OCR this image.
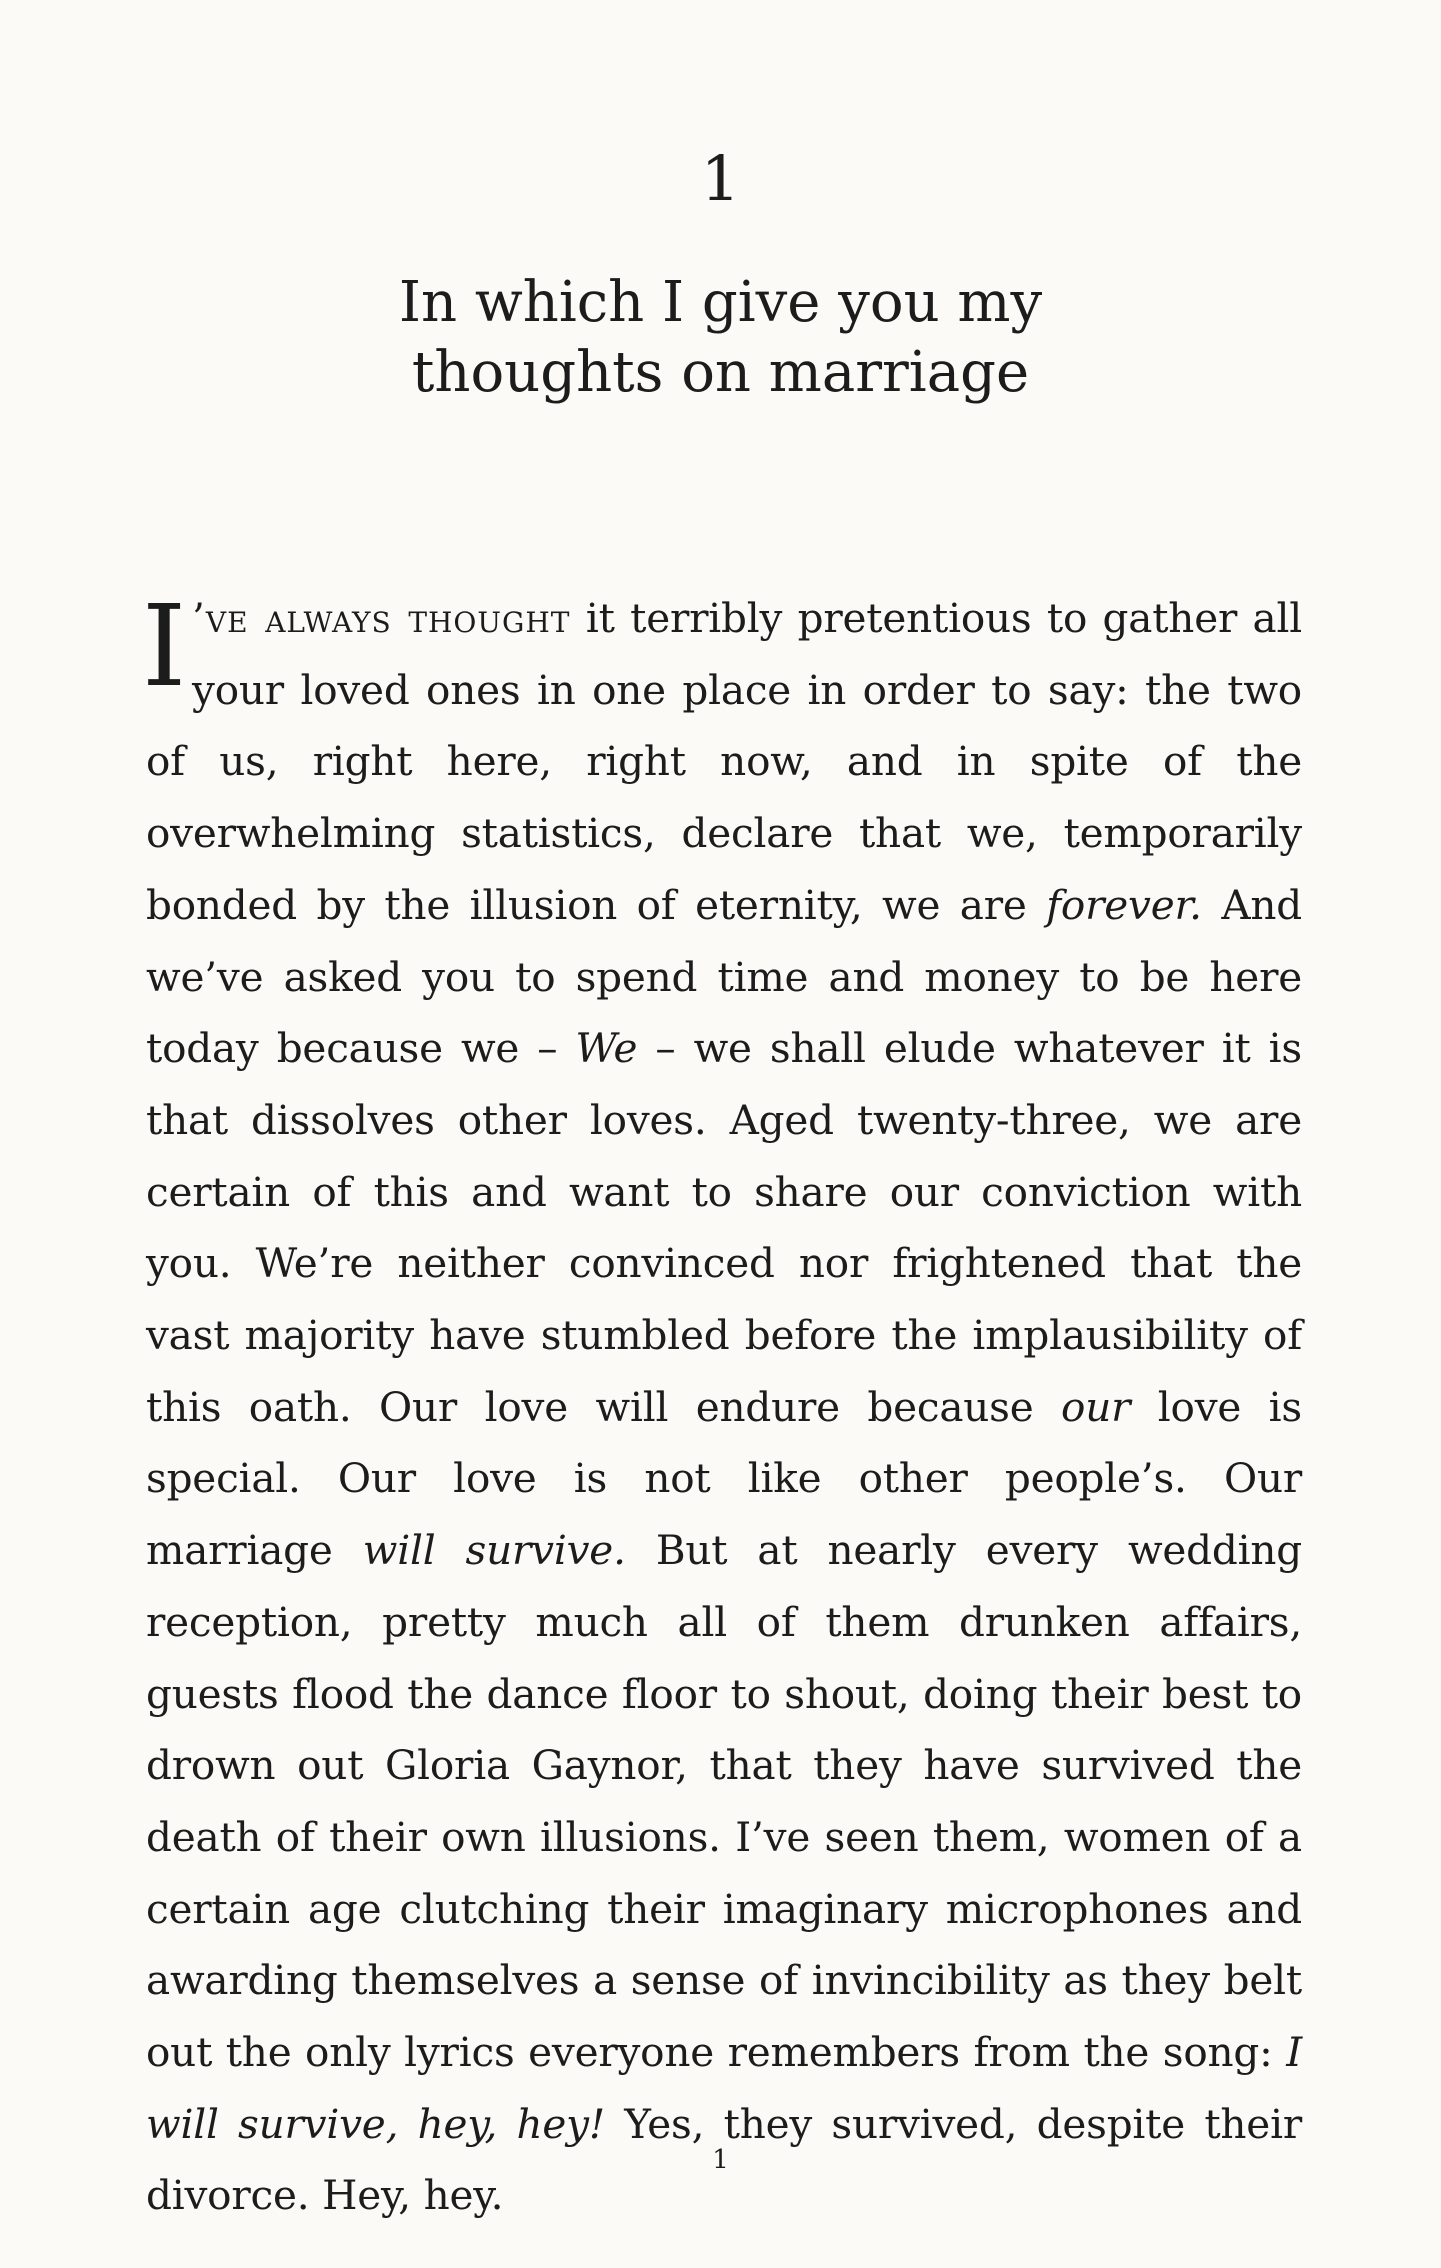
1
In which I give you my
thoughts on marriage

I ’ve always thought it terribly pretentious to gather all your loved ones in one place in order to say: the two of us, right here, right now, and in spite of the overwhelming statistics, declare that we, temporarily bonded by the illusion of eternity, we are forever. And we’ve asked you to spend time and money to be here today because we – We – we shall elude whatever it is that dissolves other loves. Aged twenty-three, we are certain of this and want to share our conviction with you. We’re neither convinced nor frightened that the vast majority have stumbled before the implausibility of this oath. Our love will endure because our love is special. Our love is not like other people’s. Our marriage will survive. But at nearly every wedding reception, pretty much all of them drunken affairs, guests flood the dance floor to shout, doing their best to drown out Gloria Gaynor, that they have survived the death of their own illusions. I’ve seen them, women of a certain age clutching their imaginary microphones and awarding themselves a sense of invincibility as they belt out the only lyrics everyone remembers from the song: I will survive, hey, hey! Yes, they survived, despite their divorce. Hey, hey.

1
